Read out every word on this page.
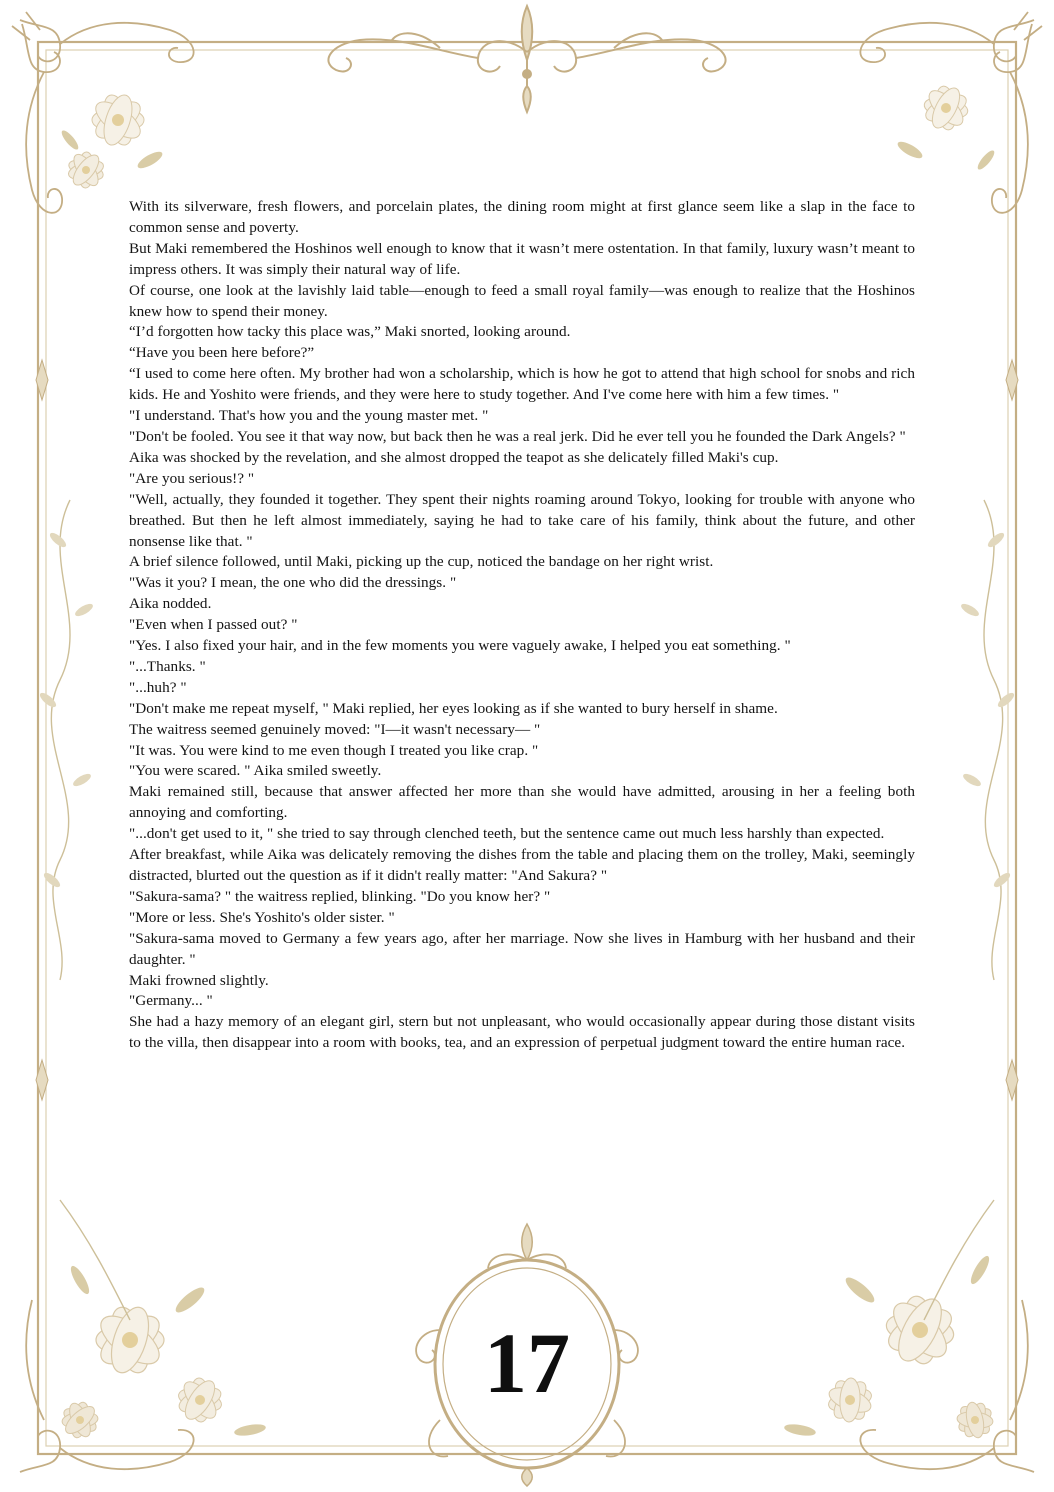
With its silverware, fresh flowers, and porcelain plates, the dining room might at first glance seem like a slap in the face to common sense and poverty.

But Maki remembered the Hoshinos well enough to know that it wasn’t mere ostentation. In that family, luxury wasn’t meant to impress others. It was simply their natural way of life.

Of course, one look at the lavishly laid table—enough to feed a small royal family—was enough to realize that the Hoshinos knew how to spend their money.

“I’d forgotten how tacky this place was,” Maki snorted, looking around.

“Have you been here before?”

“I used to come here often. My brother had won a scholarship, which is how he got to attend that high school for snobs and rich kids. He and Yoshito were friends, and they were here to study together. And I've come here with him a few times. "

"I understand. That's how you and the young master met. "

"Don't be fooled. You see it that way now, but back then he was a real jerk. Did he ever tell you he founded the Dark Angels? "

Aika was shocked by the revelation, and she almost dropped the teapot as she delicately filled Maki's cup.

"Are you serious!? "

"Well, actually, they founded it together. They spent their nights roaming around Tokyo, looking for trouble with anyone who breathed. But then he left almost immediately, saying he had to take care of his family, think about the future, and other nonsense like that. "

A brief silence followed, until Maki, picking up the cup, noticed the bandage on her right wrist.

"Was it you? I mean, the one who did the dressings. "

Aika nodded.

"Even when I passed out? "

"Yes. I also fixed your hair, and in the few moments you were vaguely awake, I helped you eat something. "

"...Thanks. "

"...huh? "

"Don't make me repeat myself, " Maki replied, her eyes looking as if she wanted to bury herself in shame.

The waitress seemed genuinely moved: "I—it wasn't necessary— "

"It was. You were kind to me even though I treated you like crap. "

"You were scared. " Aika smiled sweetly.

Maki remained still, because that answer affected her more than she would have admitted, arousing in her a feeling both annoying and comforting.

"...don't get used to it, " she tried to say through clenched teeth, but the sentence came out much less harshly than expected.

After breakfast, while Aika was delicately removing the dishes from the table and placing them on the trolley, Maki, seemingly distracted, blurted out the question as if it didn't really matter: "And Sakura? "

"Sakura-sama? " the waitress replied, blinking. "Do you know her? "

"More or less. She's Yoshito's older sister. "

"Sakura-sama moved to Germany a few years ago, after her marriage. Now she lives in Hamburg with her husband and their daughter. "

Maki frowned slightly.

"Germany... "

She had a hazy memory of an elegant girl, stern but not unpleasant, who would occasionally appear during those distant visits to the villa, then disappear into a room with books, tea, and an expression of perpetual judgment toward the entire human race.

17
